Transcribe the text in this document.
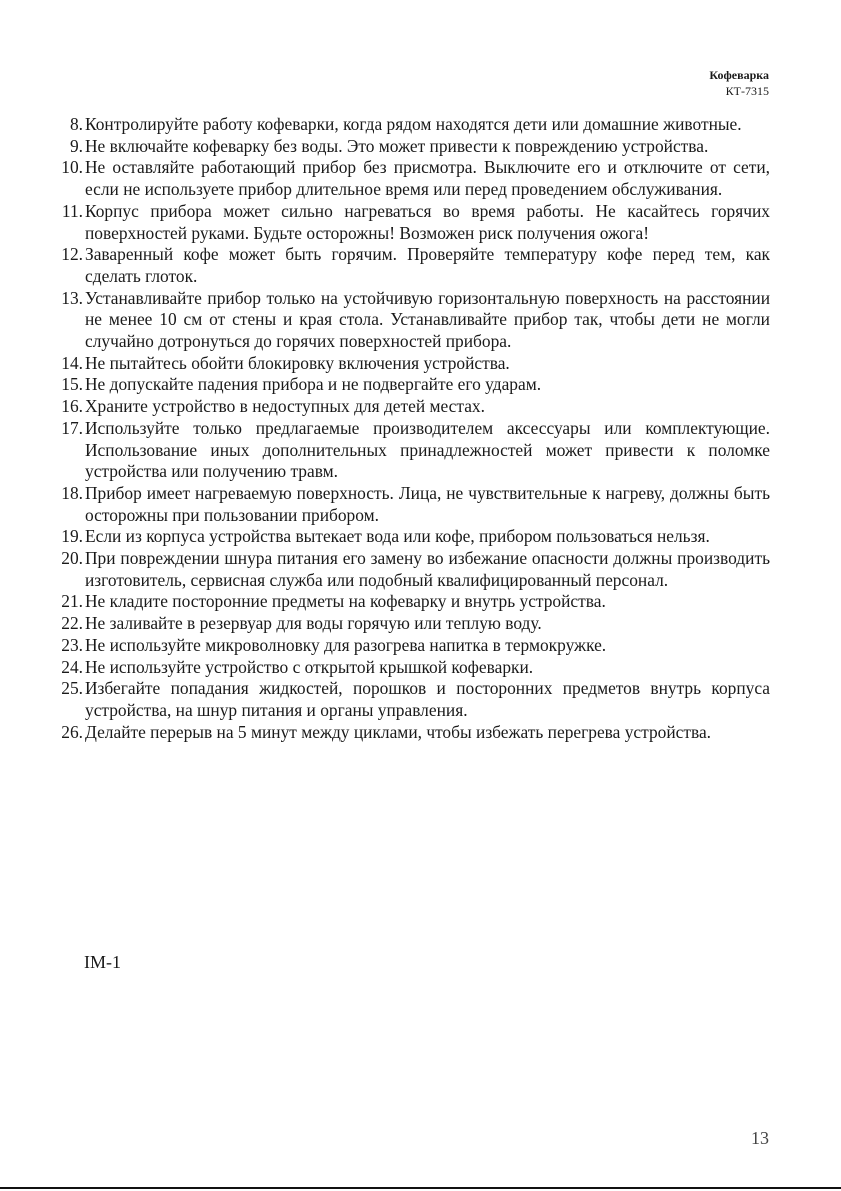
Кофеварка
КТ-7315
8. Контролируйте работу кофеварки, когда рядом находятся дети или домашние животные.
9. Не включайте кофеварку без воды. Это может привести к повреждению устройства.
10. Не оставляйте работающий прибор без присмотра. Выключите его и отключите от сети, если не используете прибор длительное время или перед проведением обслуживания.
11. Корпус прибора может сильно нагреваться во время работы. Не касайтесь горячих поверхностей руками. Будьте осторожны! Возможен риск получения ожога!
12. Заваренный кофе может быть горячим. Проверяйте температуру кофе перед тем, как сделать глоток.
13. Устанавливайте прибор только на устойчивую горизонтальную поверхность на расстоянии не менее 10 см от стены и края стола. Устанавливайте прибор так, чтобы дети не могли случайно дотронуться до горячих поверхностей прибора.
14. Не пытайтесь обойти блокировку включения устройства.
15. Не допускайте падения прибора и не подвергайте его ударам.
16. Храните устройство в недоступных для детей местах.
17. Используйте только предлагаемые производителем аксессуары или комплектующие. Использование иных дополнительных принадлежностей может привести к поломке устройства или получению травм.
18. Прибор имеет нагреваемую поверхность. Лица, не чувствительные к нагреву, должны быть осторожны при пользовании прибором.
19. Если из корпуса устройства вытекает вода или кофе, прибором пользоваться нельзя.
20. При повреждении шнура питания его замену во избежание опасности должны производить изготовитель, сервисная служба или подобный квалифицированный персонал.
21. Не кладите посторонние предметы на кофеварку и внутрь устройства.
22. Не заливайте в резервуар для воды горячую или теплую воду.
23. Не используйте микроволновку для разогрева напитка в термокружке.
24. Не используйте устройство с открытой крышкой кофеварки.
25. Избегайте попадания жидкостей, порошков и посторонних предметов внутрь корпуса устройства, на шнур питания и органы управления.
26. Делайте перерыв на 5 минут между циклами, чтобы избежать перегрева устройства.
IM-1
13
